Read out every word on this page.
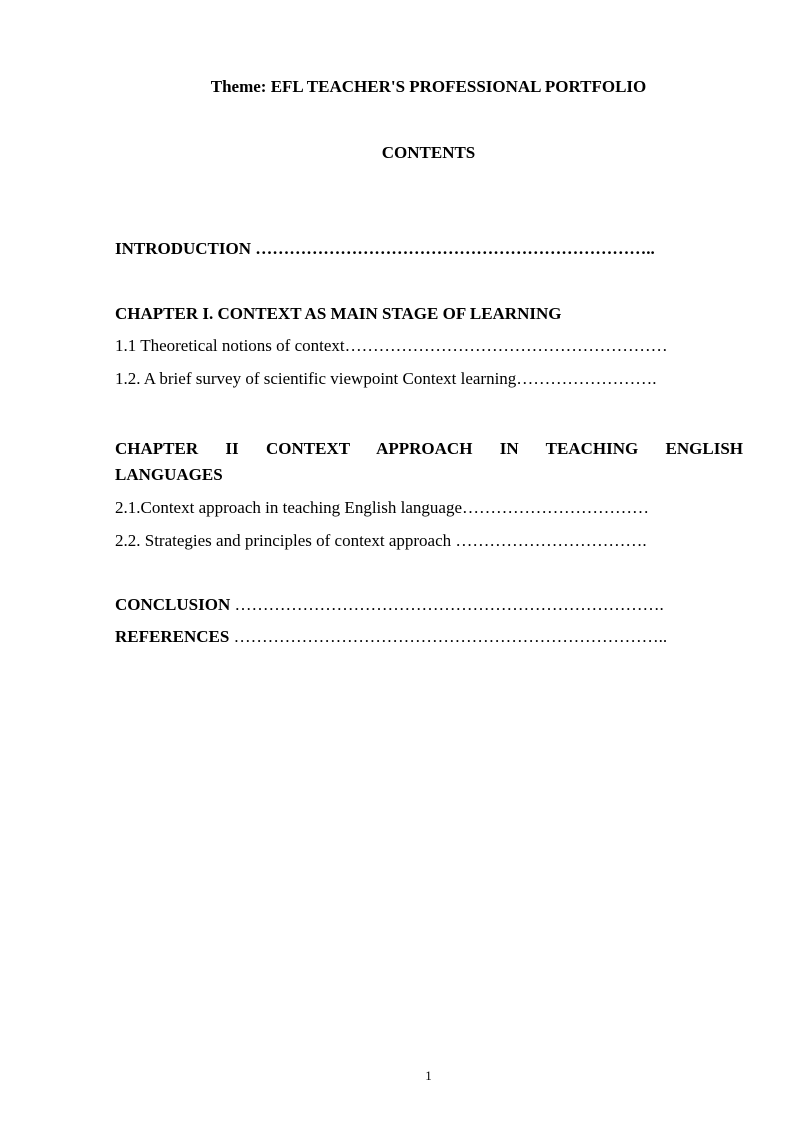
Theme: EFL TEACHER'S PROFESSIONAL PORTFOLIO
CONTENTS
INTRODUCTION ……………………………………………………………..
CHAPTER I. CONTEXT AS MAIN STAGE OF LEARNING
1.1 Theoretical notions of context…………………………………………………
1.2. A brief survey of scientific viewpoint Context learning…………………….
CHAPTER II CONTEXT APPROACH IN TEACHING ENGLISH
LANGUAGES
2.1.Context approach in teaching English language……………………………
2.2. Strategies and principles of context approach …………………………….
CONCLUSION ………………………………………………………………….
REFERENCES …………………………………………………………………..
1
